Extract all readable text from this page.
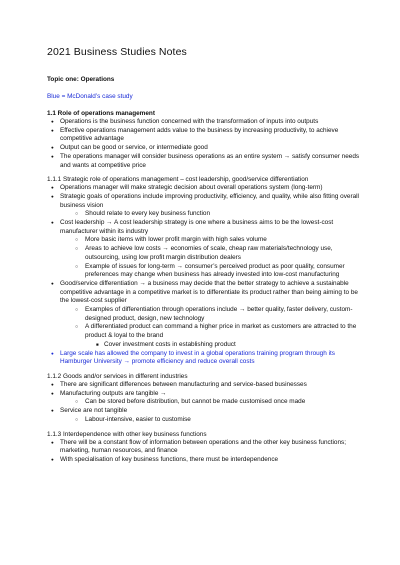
2021 Business Studies Notes
Topic one: Operations
Blue = McDonald’s case study
1.1 Role of operations management
● Operations is the business function concerned with the transformation of inputs into outputs
● Effective operations management adds value to the business by increasing productivity, to achieve competitive advantage
● Output can be good or service, or intermediate good
● The operations manager will consider business operations as an entire system → satisfy consumer needs and wants at competitive price
1.1.1 Strategic role of operations management – cost leadership, good/service differentiation
● Operations manager will make strategic decision about overall operations system (long-term)
● Strategic goals of operations include improving productivity, efficiency, and quality, while also fitting overall business vision
○ Should relate to every key business function
● Cost leadership → A cost leadership strategy is one where a business aims to be the lowest-cost manufacturer within its industry
○ More basic items with lower profit margin with high sales volume
○ Areas to achieve low costs → economies of scale, cheap raw materials/technology use, outsourcing, using low profit margin distribution dealers
○ Example of issues for long-term → consumer’s perceived product as poor quality, consumer preferences may change when business has already invested into low-cost manufacturing
● Good/service differentiation → a business may decide that the better strategy to achieve a sustainable competitive advantage in a competitive market is to differentiate its product rather than being aiming to be the lowest-cost supplier
○ Examples of differentiation through operations include → better quality, faster delivery, custom-designed product, design, new technology
○ A differentiated product can command a higher price in market as customers are attracted to the product & loyal to the brand
■ Cover investment costs in establishing product
● Large scale has allowed the company to invest in a global operations training program through its Hamburger University → promote efficiency and reduce overall costs
1.1.2 Goods and/or services in different industries
● There are significant differences between manufacturing and service-based businesses
● Manufacturing outputs are tangible →
○ Can be stored before distribution, but cannot be made customised once made
● Service are not tangible
○ Labour-intensive, easier to customise
1.1.3 Interdependence with other key business functions
● There will be a constant flow of information between operations and the other key business functions; marketing, human resources, and finance
● With specialisation of key business functions, there must be interdependence
